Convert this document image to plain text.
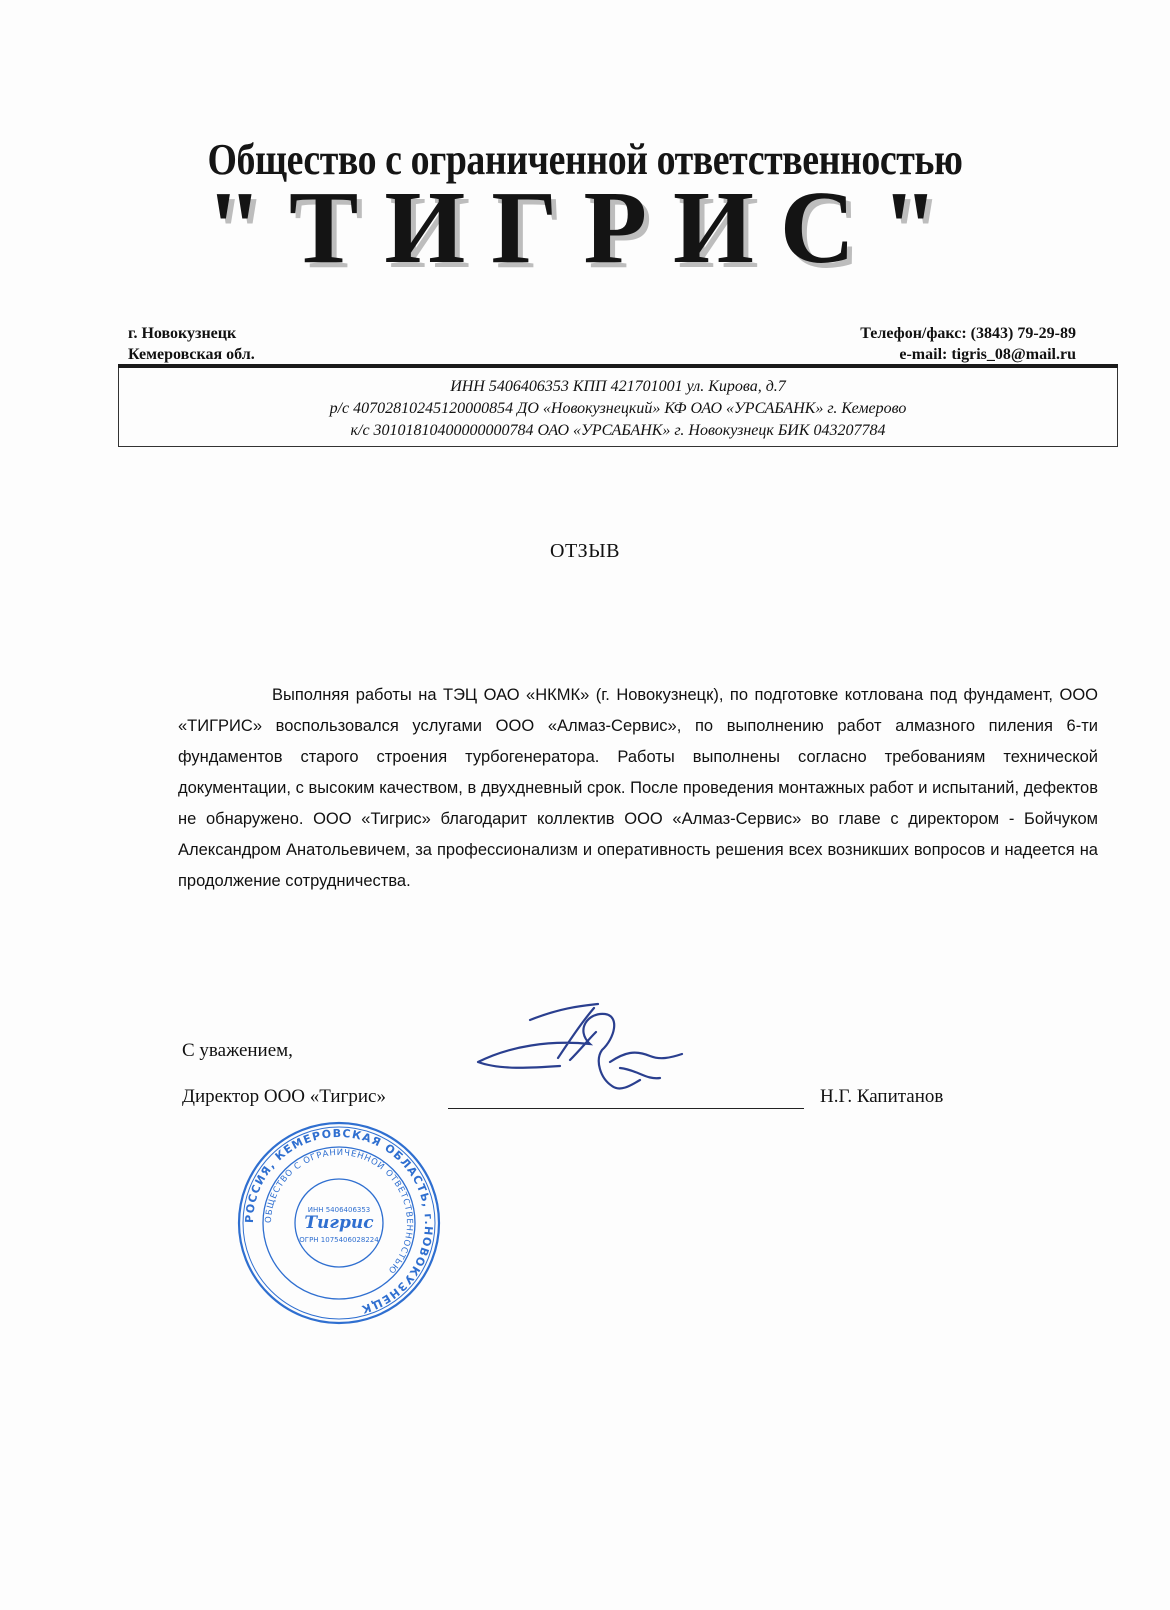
Общество с ограниченной ответственностью
"ТИГРИС"
г. Новокузнецк
Кемеровская обл.
Телефон/факс: (3843) 79-29-89
e-mail: tigris_08@mail.ru
ИНН 5406406353 КПП 421701001 ул. Кирова, д.7
р/с 40702810245120000854 ДО «Новокузнецкий» КФ ОАО «УРСАБАНК» г. Кемерово
к/с 30101810400000000784 ОАО «УРСАБАНК» г. Новокузнецк БИК 043207784
ОТЗЫВ
Выполняя работы на ТЭЦ ОАО «НКМК» (г. Новокузнецк), по подготовке котлована под фундамент, ООО «ТИГРИС» воспользовался услугами ООО «Алмаз-Сервис», по выполнению работ алмазного пиления 6-ти фундаментов старого строения турбогенератора. Работы выполнены согласно требованиям технической документации, с высоким качеством, в двухдневный срок. После проведения монтажных работ и испытаний, дефектов не обнаружено. ООО «Тигрис» благодарит коллектив ООО «Алмаз-Сервис» во главе с директором - Бойчуком Александром Анатольевичем, за профессионализм и оперативность решения всех возникших вопросов и надеется на продолжение сотрудничества.
С уважением,
Директор ООО «Тигрис»	Н.Г. Капитанов
РОССИЯ, КЕМЕРОВСКАЯ ОБЛАСТЬ, г.НОВОКУЗНЕЦК
ОБЩЕСТВО С ОГРАНИЧЕННОЙ ОТВЕТСТВЕННОСТЬЮ
ИНН 5406406353
Тигрис
ОГРН 1075406028224
